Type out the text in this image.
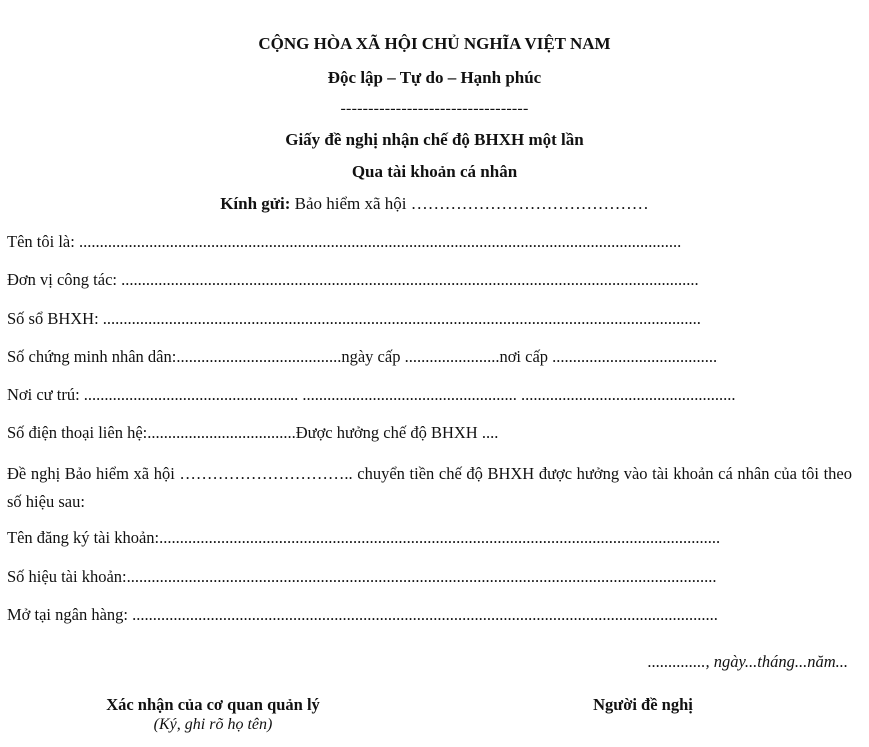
CỘNG HÒA XÃ HỘI CHỦ NGHĨA VIỆT NAM
Độc lập – Tự do – Hạnh phúc
----------------------------------
Giấy đề nghị nhận chế độ BHXH một lần
Qua tài khoản cá nhân
Kính gửi: Bảo hiểm xã hội ……………………………………
Tên tôi là: ..................................................................................................................................................
Đơn vị công tác: ............................................................................................................................................
Số sổ BHXH: .................................................................................................................................................
Số chứng minh nhân dân:........................................ngày cấp .......................nơi cấp ........................................
Nơi cư trú: .................................................... .................................................... ....................................................
Số điện thoại liên hệ:....................................Được hưởng chế độ BHXH ....
Đề nghị Bảo hiểm xã hội ………………………….. chuyển tiền chế độ BHXH được hưởng vào tài khoản cá nhân của tôi theo số hiệu sau:
Tên đăng ký tài khoản:........................................................................................................................................
Số hiệu tài khoản:...............................................................................................................................................
Mở tại ngân hàng: ..............................................................................................................................................
.............., ngày...tháng...năm...
Xác nhận của cơ quan quản lý
(Ký, ghi rõ họ tên)
Người đề nghị
